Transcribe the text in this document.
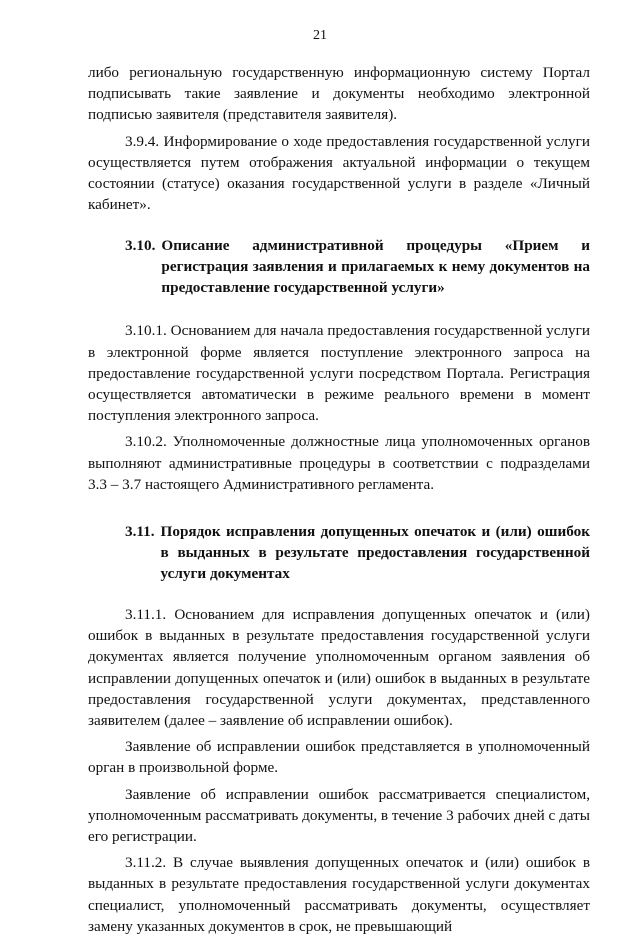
21

либо региональную государственную информационную систему Портал подписывать такие заявление и документы необходимо электронной подписью заявителя (представителя заявителя).

3.9.4. Информирование о ходе предоставления государственной услуги осуществляется путем отображения актуальной информации о текущем состоянии (статусе) оказания государственной услуги в разделе «Личный кабинет».

3.10. Описание административной процедуры «Прием и регистрация заявления и прилагаемых к нему документов на предоставление государственной услуги»

3.10.1. Основанием для начала предоставления государственной услуги в электронной форме является поступление электронного запроса на предоставление государственной услуги посредством Портала. Регистрация осуществляется автоматически в режиме реального времени в момент поступления электронного запроса.

3.10.2. Уполномоченные должностные лица уполномоченных органов выполняют административные процедуры в соответствии с подразделами 3.3 – 3.7 настоящего Административного регламента.

3.11. Порядок исправления допущенных опечаток и (или) ошибок в выданных в результате предоставления государственной услуги документах

3.11.1. Основанием для исправления допущенных опечаток и (или) ошибок в выданных в результате предоставления государственной услуги документах является получение уполномоченным органом заявления об исправлении допущенных опечаток и (или) ошибок в выданных в результате предоставления государственной услуги документах, представленного заявителем (далее – заявление об исправлении ошибок).

Заявление об исправлении ошибок представляется в уполномоченный орган в произвольной форме.

Заявление об исправлении ошибок рассматривается специалистом, уполномоченным рассматривать документы, в течение 3 рабочих дней с даты его регистрации.

3.11.2. В случае выявления допущенных опечаток и (или) ошибок в выданных в результате предоставления государственной услуги документах специалист, уполномоченный рассматривать документы, осуществляет замену указанных документов в срок, не превышающий
